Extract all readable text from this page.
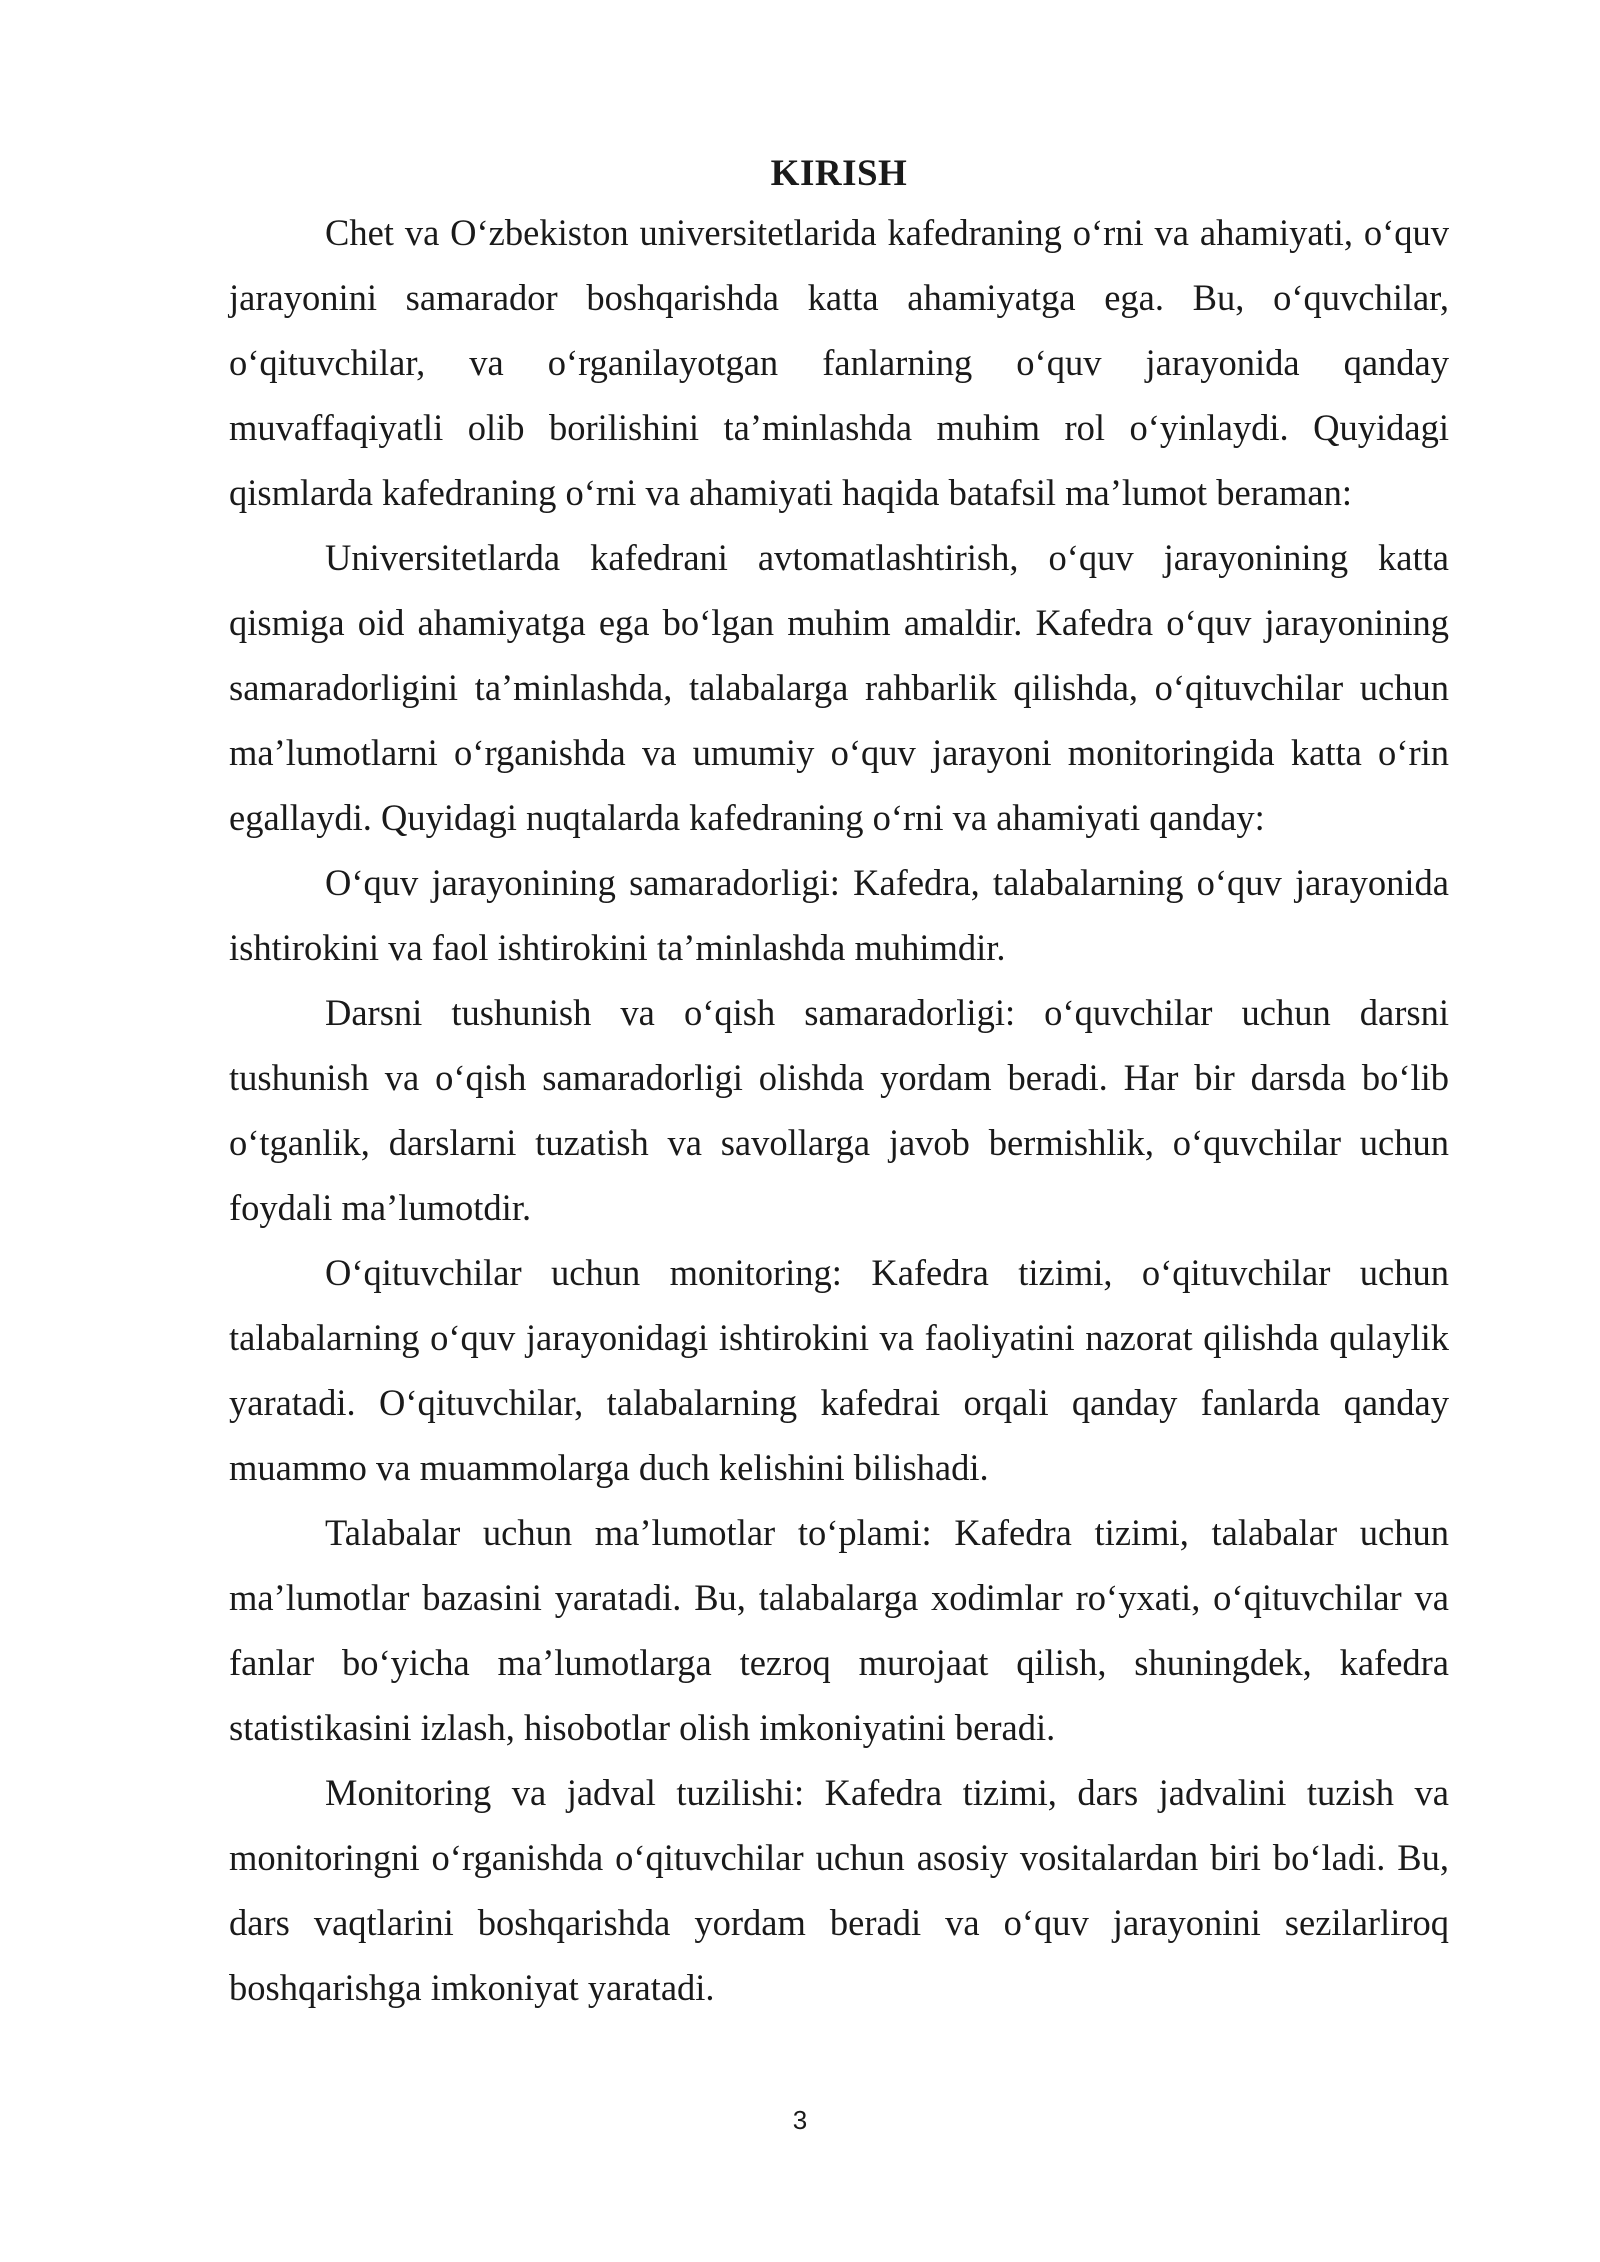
KIRISH

Chet va O‘zbekiston universitetlarida kafedraning o‘rni va ahamiyati, o‘quv jarayonini samarador boshqarishda katta ahamiyatga ega. Bu, o‘quvchilar, o‘qituvchilar, va o‘rganilayotgan fanlarning o‘quv jarayonida qanday muvaffaqiyatli olib borilishini ta’minlashda muhim rol o‘yinlaydi. Quyidagi qismlarda kafedraning o‘rni va ahamiyati haqida batafsil ma’lumot beraman:

Universitetlarda kafedrani avtomatlashtirish, o‘quv jarayonining katta qismiga oid ahamiyatga ega bo‘lgan muhim amaldir. Kafedra o‘quv jarayonining samaradorligini ta’minlashda, talabalarga rahbarlik qilishda, o‘qituvchilar uchun ma’lumotlarni o‘rganishda va umumiy o‘quv jarayoni monitoringida katta o‘rin egallaydi. Quyidagi nuqtalarda kafedraning o‘rni va ahamiyati qanday:

O‘quv jarayonining samaradorligi: Kafedra, talabalarning o‘quv jarayonida ishtirokini va faol ishtirokini ta’minlashda muhimdir.

Darsni tushunish va o‘qish samaradorligi: o‘quvchilar uchun darsni tushunish va o‘qish samaradorligi olishda yordam beradi. Har bir darsda bo‘lib o‘tganlik, darslarni tuzatish va savollarga javob bermishlik, o‘quvchilar uchun foydali ma’lumotdir.

O‘qituvchilar uchun monitoring: Kafedra tizimi, o‘qituvchilar uchun talabalarning o‘quv jarayonidagi ishtirokini va faoliyatini nazorat qilishda qulaylik yaratadi. O‘qituvchilar, talabalarning kafedrai orqali qanday fanlarda qanday muammo va muammolarga duch kelishini bilishadi.

Talabalar uchun ma’lumotlar to‘plami: Kafedra tizimi, talabalar uchun ma’lumotlar bazasini yaratadi. Bu, talabalarga xodimlar ro‘yxati, o‘qituvchilar va fanlar bo‘yicha ma’lumotlarga tezroq murojaat qilish, shuningdek, kafedra statistikasini izlash, hisobotlar olish imkoniyatini beradi.

Monitoring va jadval tuzilishi: Kafedra tizimi, dars jadvalini tuzish va monitoringni o‘rganishda o‘qituvchilar uchun asosiy vositalardan biri bo‘ladi. Bu, dars vaqtlarini boshqarishda yordam beradi va o‘quv jarayonini sezilarliroq boshqarishga imkoniyat yaratadi.

3
